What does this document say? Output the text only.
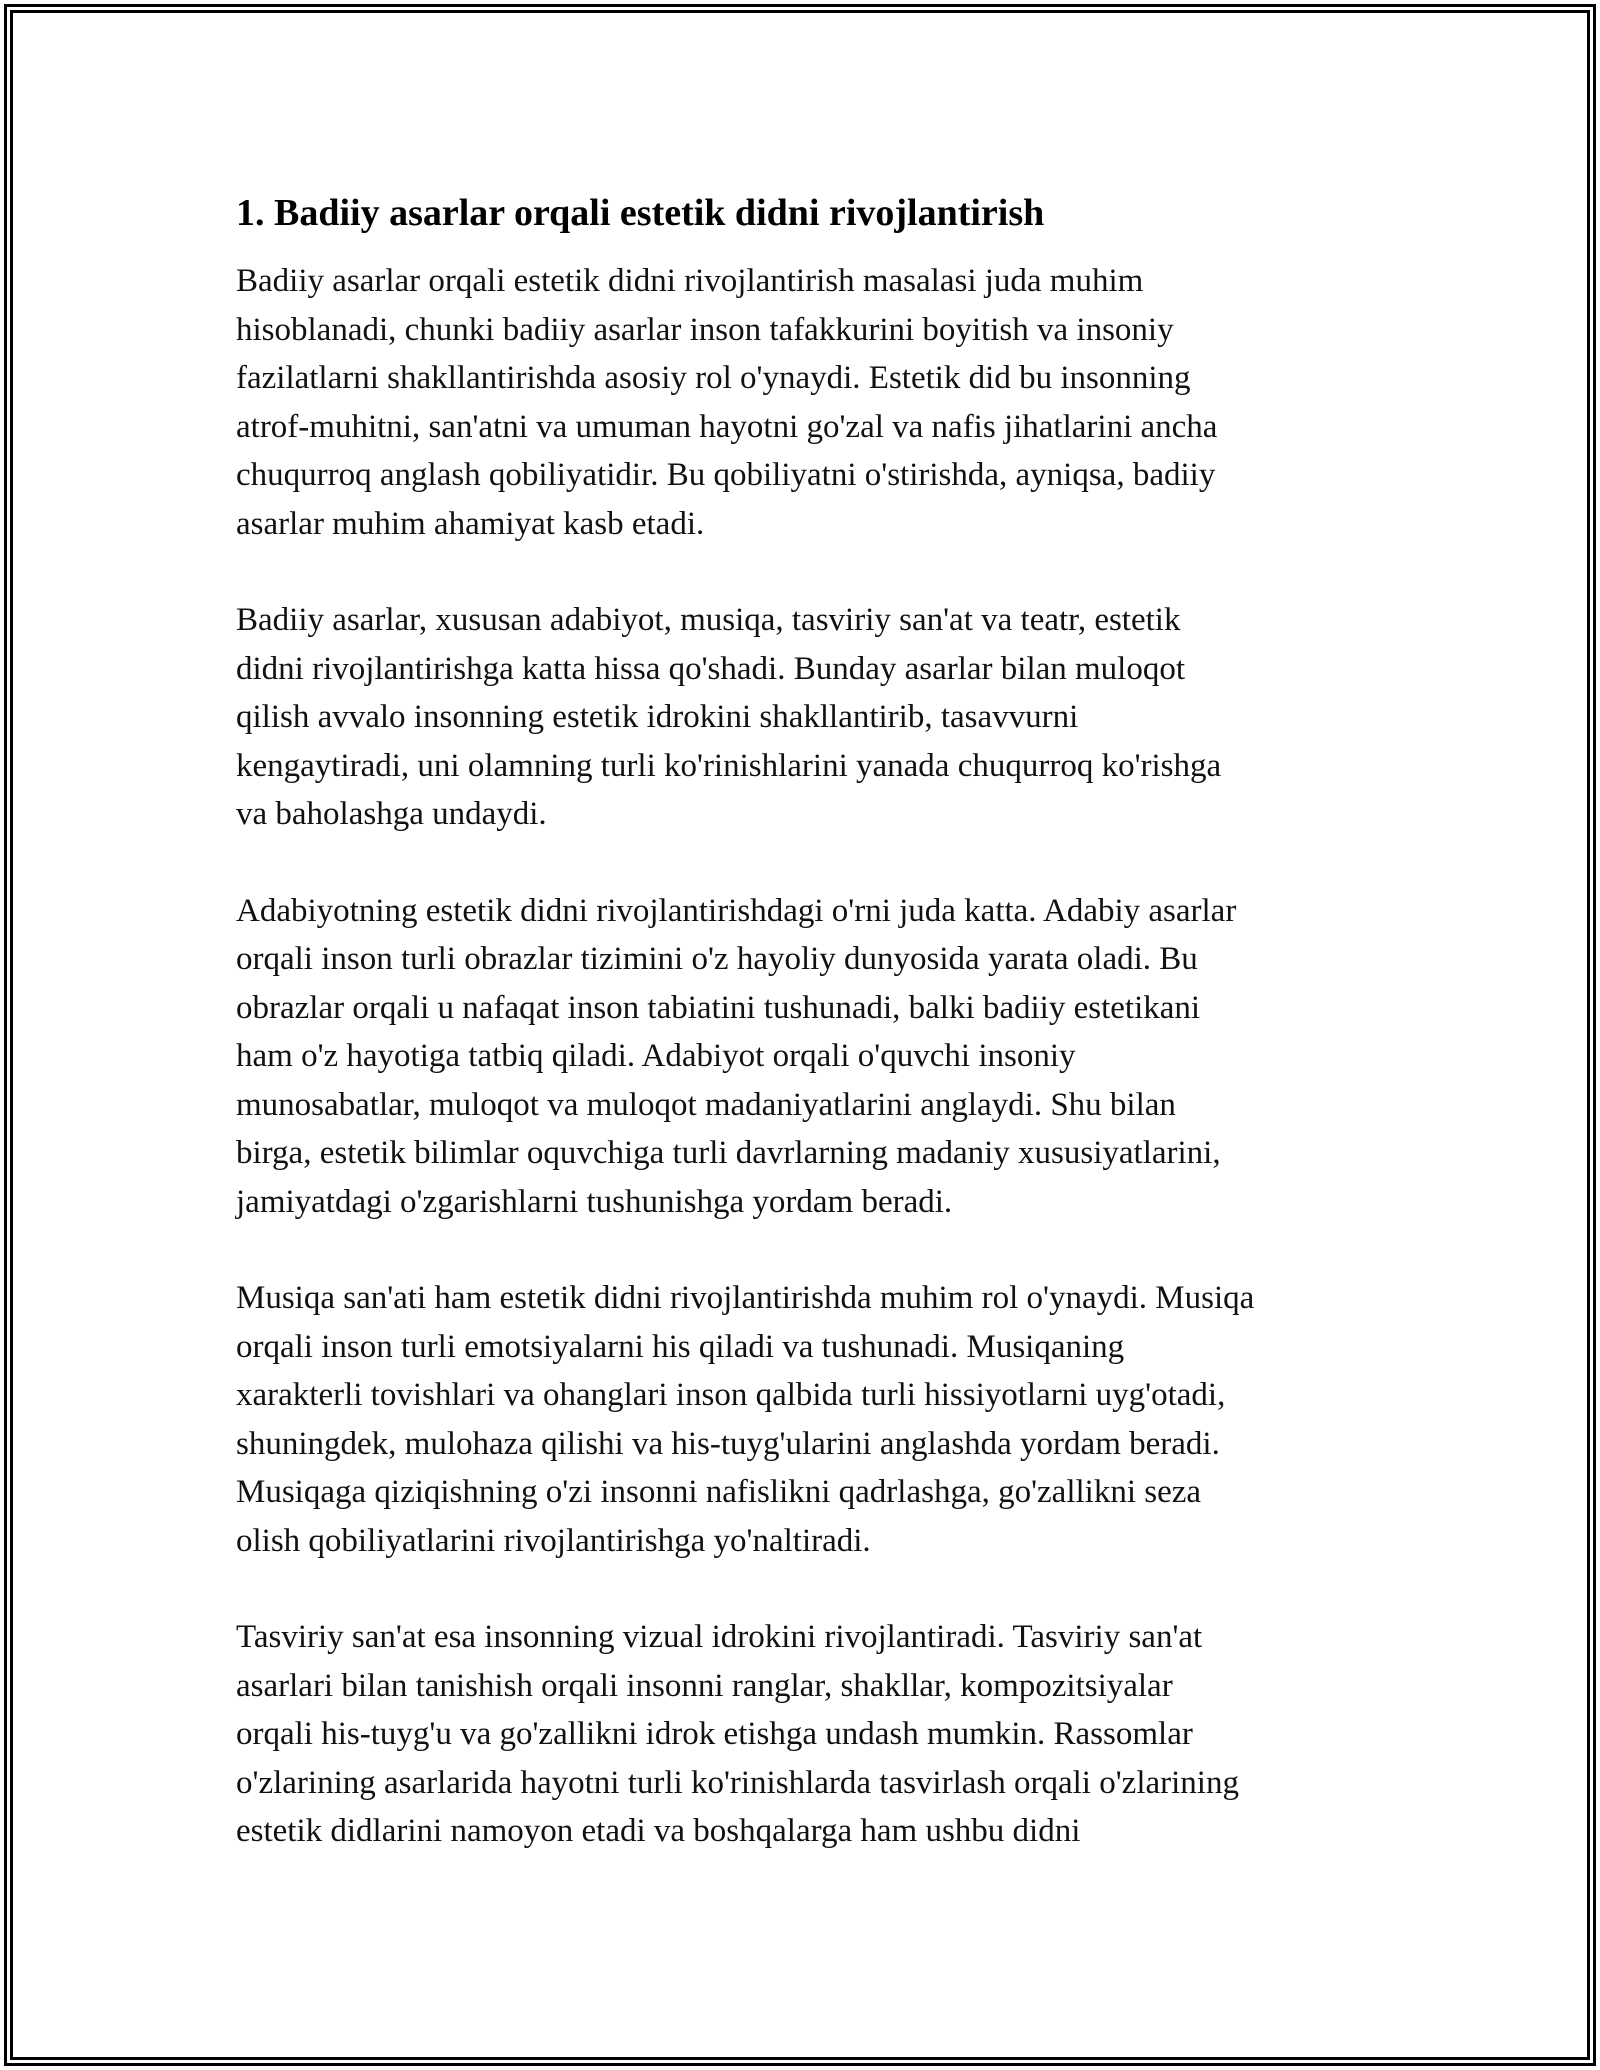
1. Badiiy asarlar orqali estetik didni rivojlantirish

Badiiy asarlar orqali estetik didni rivojlantirish masalasi juda muhim
hisoblanadi, chunki badiiy asarlar inson tafakkurini boyitish va insoniy
fazilatlarni shakllantirishda asosiy rol o'ynaydi. Estetik did bu insonning
atrof-muhitni, san'atni va umuman hayotni go'zal va nafis jihatlarini ancha
chuqurroq anglash qobiliyatidir. Bu qobiliyatni o'stirishda, ayniqsa, badiiy
asarlar muhim ahamiyat kasb etadi.

Badiiy asarlar, xususan adabiyot, musiqa, tasviriy san'at va teatr, estetik
didni rivojlantirishga katta hissa qo'shadi. Bunday asarlar bilan muloqot
qilish avvalo insonning estetik idrokini shakllantirib, tasavvurni
kengaytiradi, uni olamning turli ko'rinishlarini yanada chuqurroq ko'rishga
va baholashga undaydi.

Adabiyotning estetik didni rivojlantirishdagi o'rni juda katta. Adabiy asarlar
orqali inson turli obrazlar tizimini o'z hayoliy dunyosida yarata oladi. Bu
obrazlar orqali u nafaqat inson tabiatini tushunadi, balki badiiy estetikani
ham o'z hayotiga tatbiq qiladi. Adabiyot orqali o'quvchi insoniy
munosabatlar, muloqot va muloqot madaniyatlarini anglaydi. Shu bilan
birga, estetik bilimlar oquvchiga turli davrlarning madaniy xususiyatlarini,
jamiyatdagi o'zgarishlarni tushunishga yordam beradi.

Musiqa san'ati ham estetik didni rivojlantirishda muhim rol o'ynaydi. Musiqa
orqali inson turli emotsiyalarni his qiladi va tushunadi. Musiqaning
xarakterli tovishlari va ohanglari inson qalbida turli hissiyotlarni uyg'otadi,
shuningdek, mulohaza qilishi va his-tuyg'ularini anglashda yordam beradi.
Musiqaga qiziqishning o'zi insonni nafislikni qadrlashga, go'zallikni seza
olish qobiliyatlarini rivojlantirishga yo'naltiradi.

Tasviriy san'at esa insonning vizual idrokini rivojlantiradi. Tasviriy san'at
asarlari bilan tanishish orqali insonni ranglar, shakllar, kompozitsiyalar
orqali his-tuyg'u va go'zallikni idrok etishga undash mumkin. Rassomlar
o'zlarining asarlarida hayotni turli ko'rinishlarda tasvirlash orqali o'zlarining
estetik didlarini namoyon etadi va boshqalarga ham ushbu didni
